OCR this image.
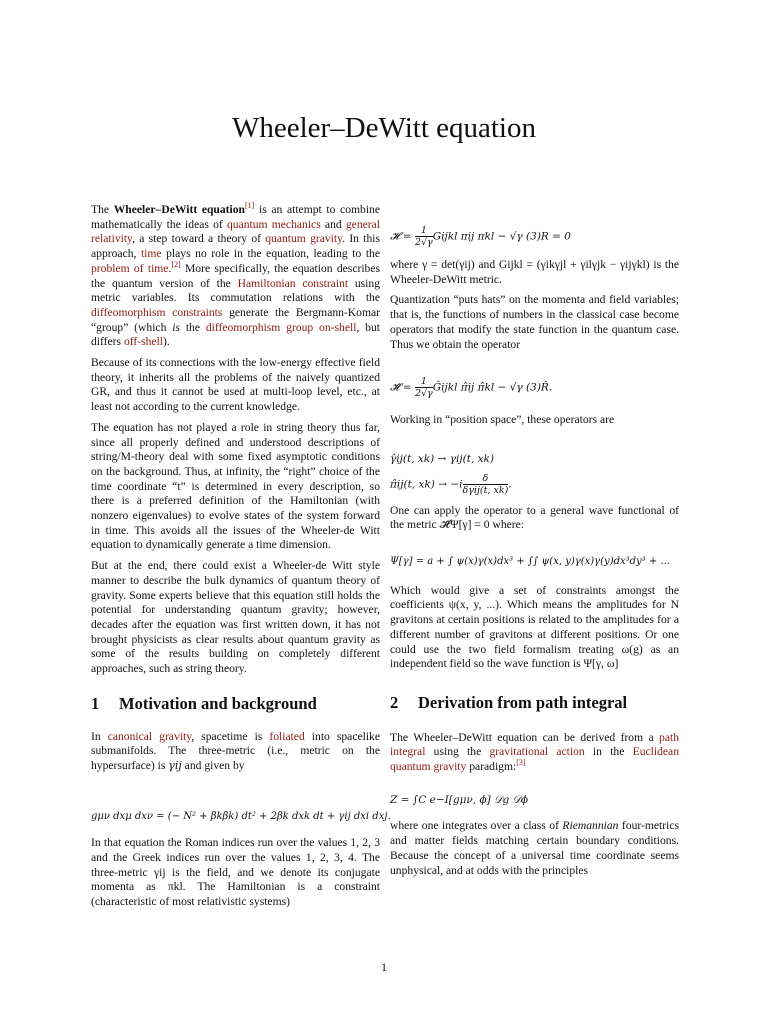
Wheeler–DeWitt equation

The Wheeler–DeWitt equation[1] is an attempt to combine mathematically the ideas of quantum mechanics and general relativity, a step toward a theory of quantum gravity. In this approach, time plays no role in the equation, leading to the problem of time.[2] More specifically, the equation describes the quantum version of the Hamiltonian constraint using metric variables. Its commutation relations with the diffeomorphism constraints generate the Bergmann-Komar “group” (which is the diffeomorphism group on-shell, but differs off-shell).

Because of its connections with the low-energy effective field theory, it inherits all the problems of the naively quantized GR, and thus it cannot be used at multi-loop level, etc., at least not according to the current knowledge.

The equation has not played a role in string theory thus far, since all properly defined and understood descriptions of string/M-theory deal with some fixed asymptotic conditions on the background. Thus, at infinity, the “right” choice of the time coordinate “t” is determined in every description, so there is a preferred definition of the Hamiltonian (with nonzero eigenvalues) to evolve states of the system forward in time. This avoids all the issues of the Wheeler-de Witt equation to dynamically generate a time dimension.

But at the end, there could exist a Wheeler-de Witt style manner to describe the bulk dynamics of quantum theory of gravity. Some experts believe that this equation still holds the potential for understanding quantum gravity; however, decades after the equation was first written down, it has not brought physicists as clear results about quantum gravity as some of the results building on completely different approaches, such as string theory.

1 Motivation and background

In canonical gravity, spacetime is foliated into spacelike submanifolds. The three-metric (i.e., metric on the hypersurface) is γij and given by

gμν dxμ dxν = (− N² + βkβk) dt² + 2βk dxk dt + γij dxi dxj.

In that equation the Roman indices run over the values 1, 2, 3 and the Greek indices run over the values 1, 2, 3, 4. The three-metric γij is the field, and we denote its conjugate momenta as πkl. The Hamiltonian is a constraint (characteristic of most relativistic systems)

𝓗 = $\frac{1}{2√\gamma}$ Gijkl πij πkl − √γ (3)R = 0

where γ = det(γij) and Gijkl = (γikγjl + γilγjk − γijγkl) is the Wheeler-DeWitt metric.

Quantization “puts hats” on the momenta and field variables; that is, the functions of numbers in the classical case become operators that modify the state function in the quantum case. Thus we obtain the operator

𝓗̂ = $\frac{1}{2√\gamma}$ Ĝijkl π̂ij π̂kl − √γ (3)R̂.

Working in “position space”, these operators are

γ̂ij(t, xk) → γij(t, xk)
π̂ij(t, $xk) \to -i \frac{\delta}{\text{δγij(t, xk)}}$ .

One can apply the operator to a general wave functional of the metric 𝓗̂Ψ[γ] = 0 where:

Ψ[γ] = a + ∫ ψ(x)γ(x)dx³ + ∫∫ ψ(x, y)γ(x)γ(y)dx³dy³ + ...

Which would give a set of constraints amongst the coefficients ψ(x, y, ...). Which means the amplitudes for N gravitons at certain positions is related to the amplitudes for a different number of gravitons at different positions. Or one could use the two field formalism treating ω(g) as an independent field so the wave function is Ψ[γ, ω]

2 Derivation from path integral

The Wheeler–DeWitt equation can be derived from a path integral using the gravitational action in the Euclidean quantum gravity paradigm:[3]

Z = ∫C e−I[gμν, ϕ] 𝒟g 𝒟ϕ

where one integrates over a class of Riemannian four-metrics and matter fields matching certain boundary conditions. Because the concept of a universal time coordinate seems unphysical, and at odds with the principles

1
